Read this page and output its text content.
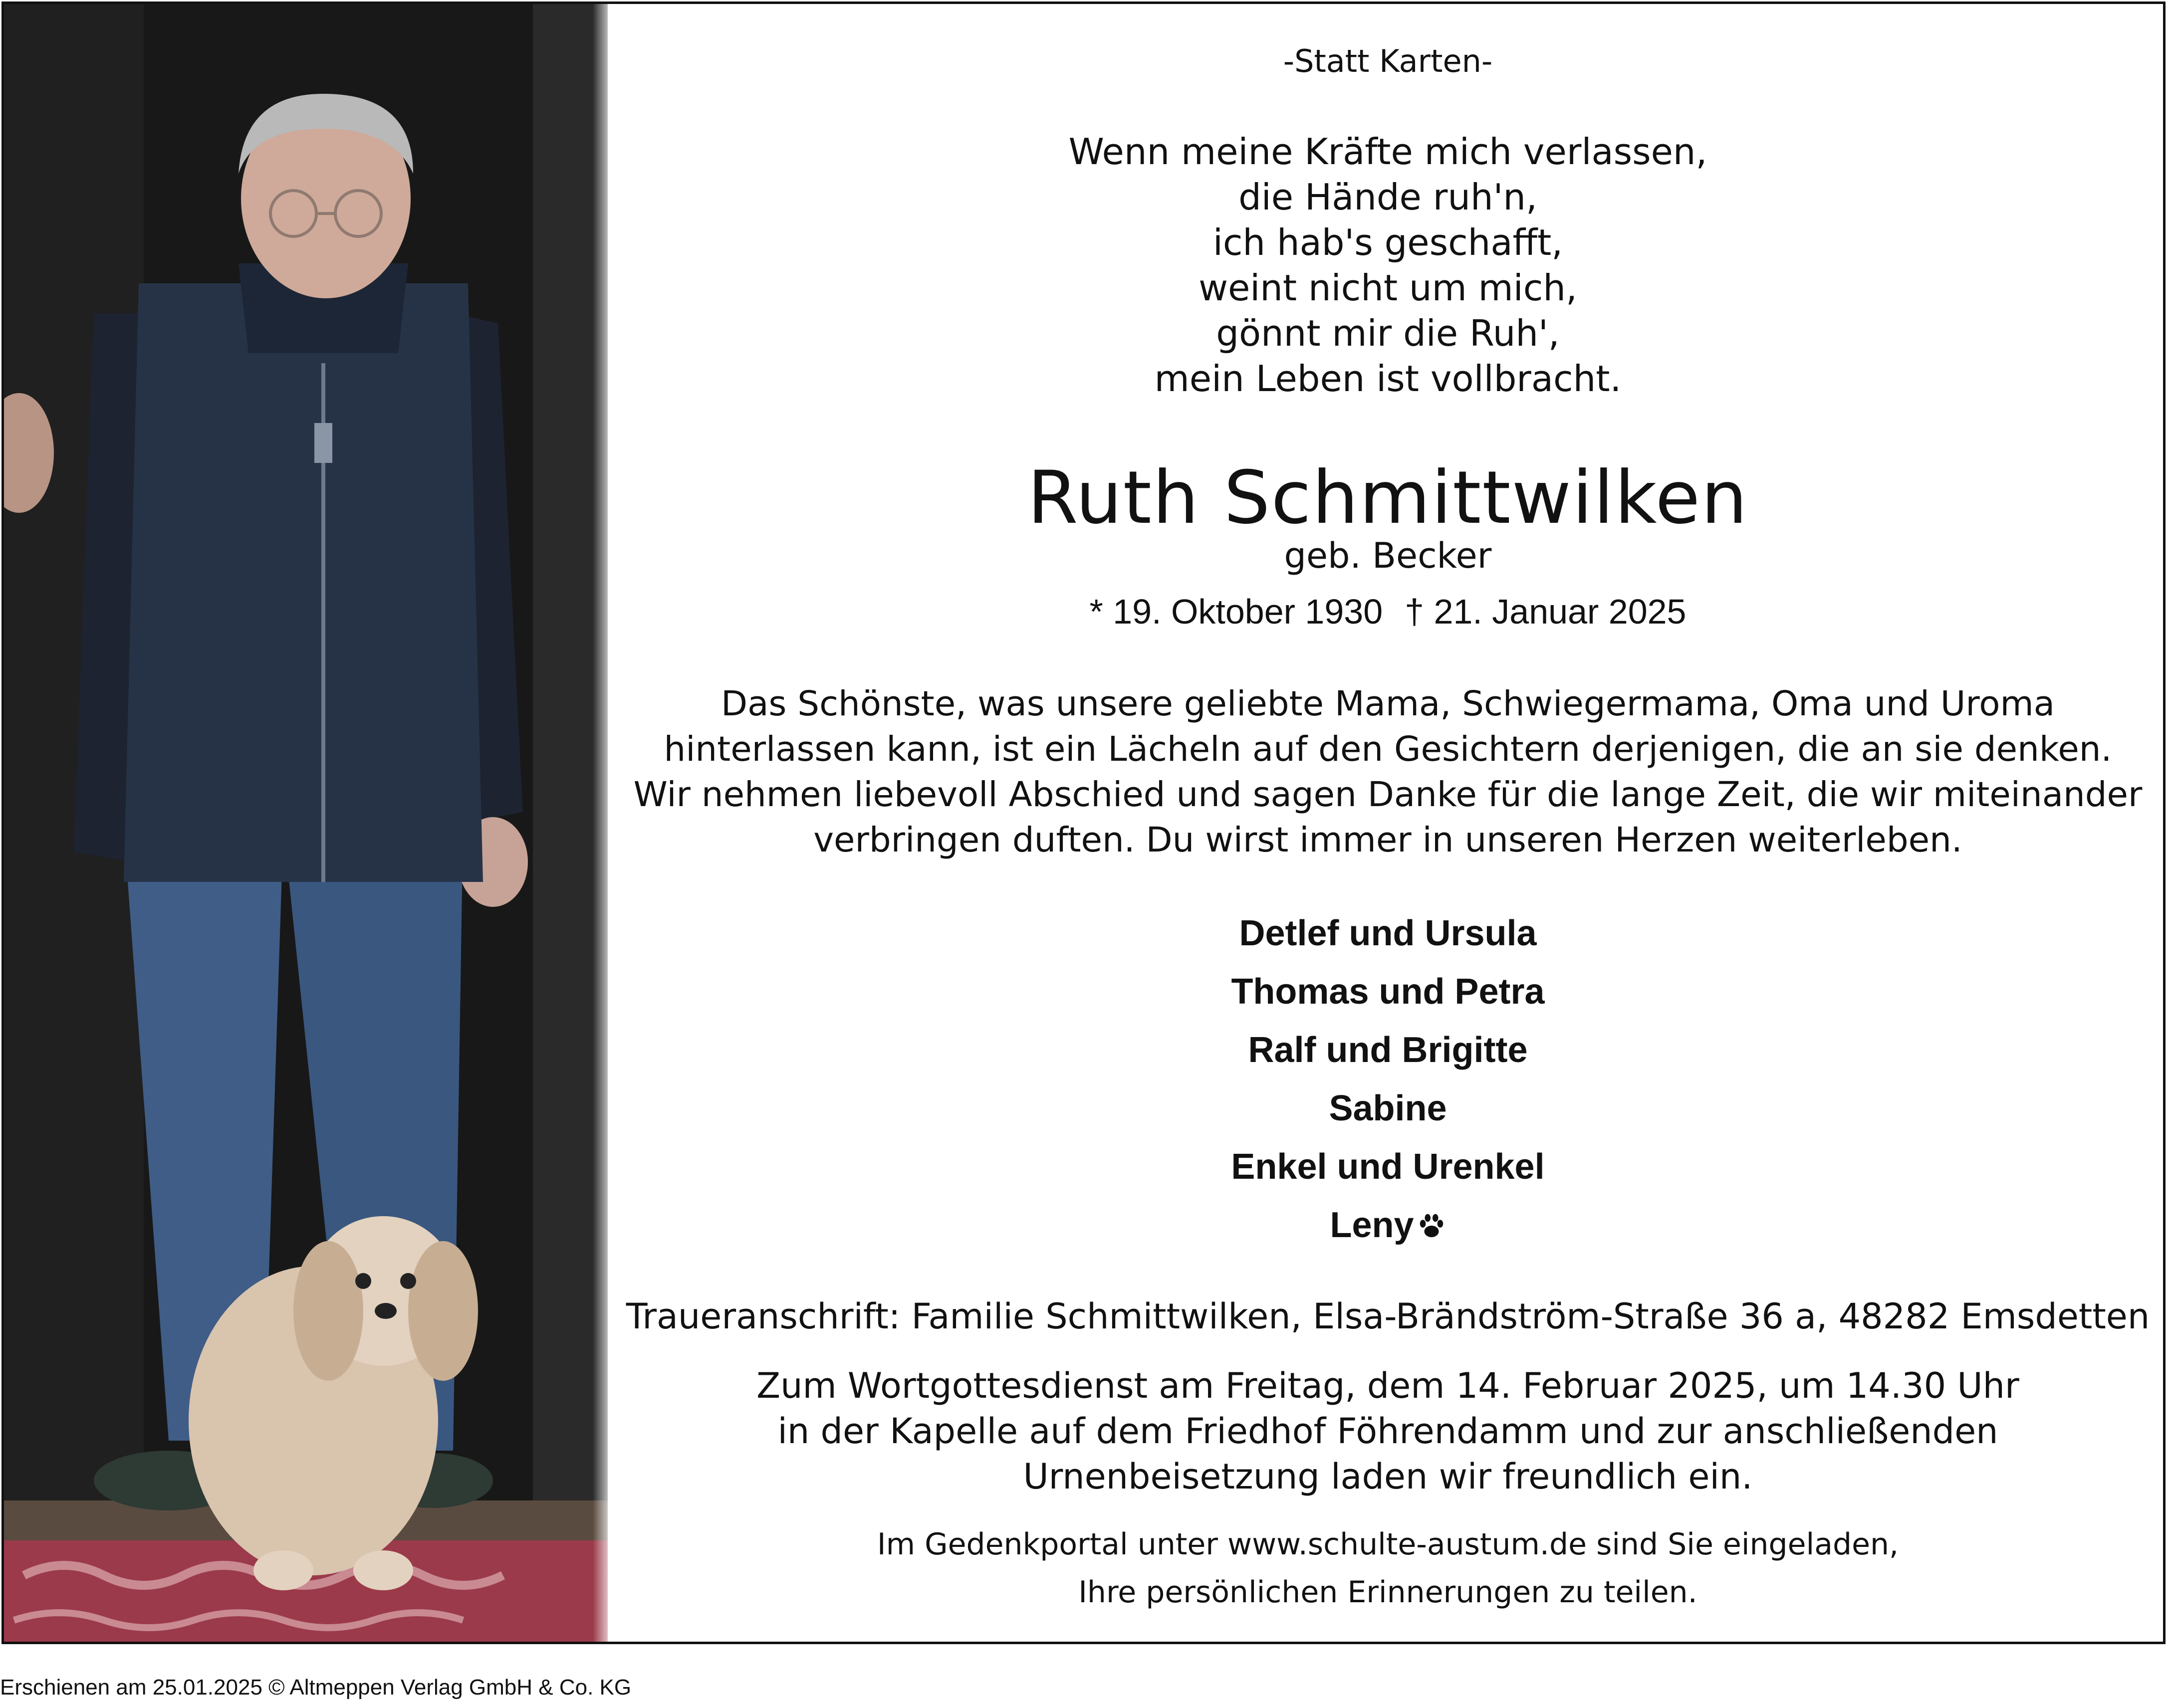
-Statt Karten-
Wenn meine Kräfte mich verlassen,
die Hände ruh'n,
ich hab's geschafft,
weint nicht um mich,
gönnt mir die Ruh',
mein Leben ist vollbracht.
Ruth Schmittwilken
geb. Becker
* 19. Oktober 1930 † 21. Januar 2025
Das Schönste, was unsere geliebte Mama, Schwiegermama, Oma und Uroma
hinterlassen kann, ist ein Lächeln auf den Gesichtern derjenigen, die an sie denken.
Wir nehmen liebevoll Abschied und sagen Danke für die lange Zeit, die wir miteinander
verbringen duften. Du wirst immer in unseren Herzen weiterleben.
Detlef und Ursula
Thomas und Petra
Ralf und Brigitte
Sabine
Enkel und Urenkel
Leny
Traueranschrift: Familie Schmittwilken, Elsa-Brändström-Straße 36 a, 48282 Emsdetten
Zum Wortgottesdienst am Freitag, dem 14. Februar 2025, um 14.30 Uhr
in der Kapelle auf dem Friedhof Föhrendamm und zur anschließenden
Urnenbeisetzung laden wir freundlich ein.
Im Gedenkportal unter www.schulte-austum.de sind Sie eingeladen,
Ihre persönlichen Erinnerungen zu teilen.
Erschienen am 25.01.2025 © Altmeppen Verlag GmbH & Co. KG
